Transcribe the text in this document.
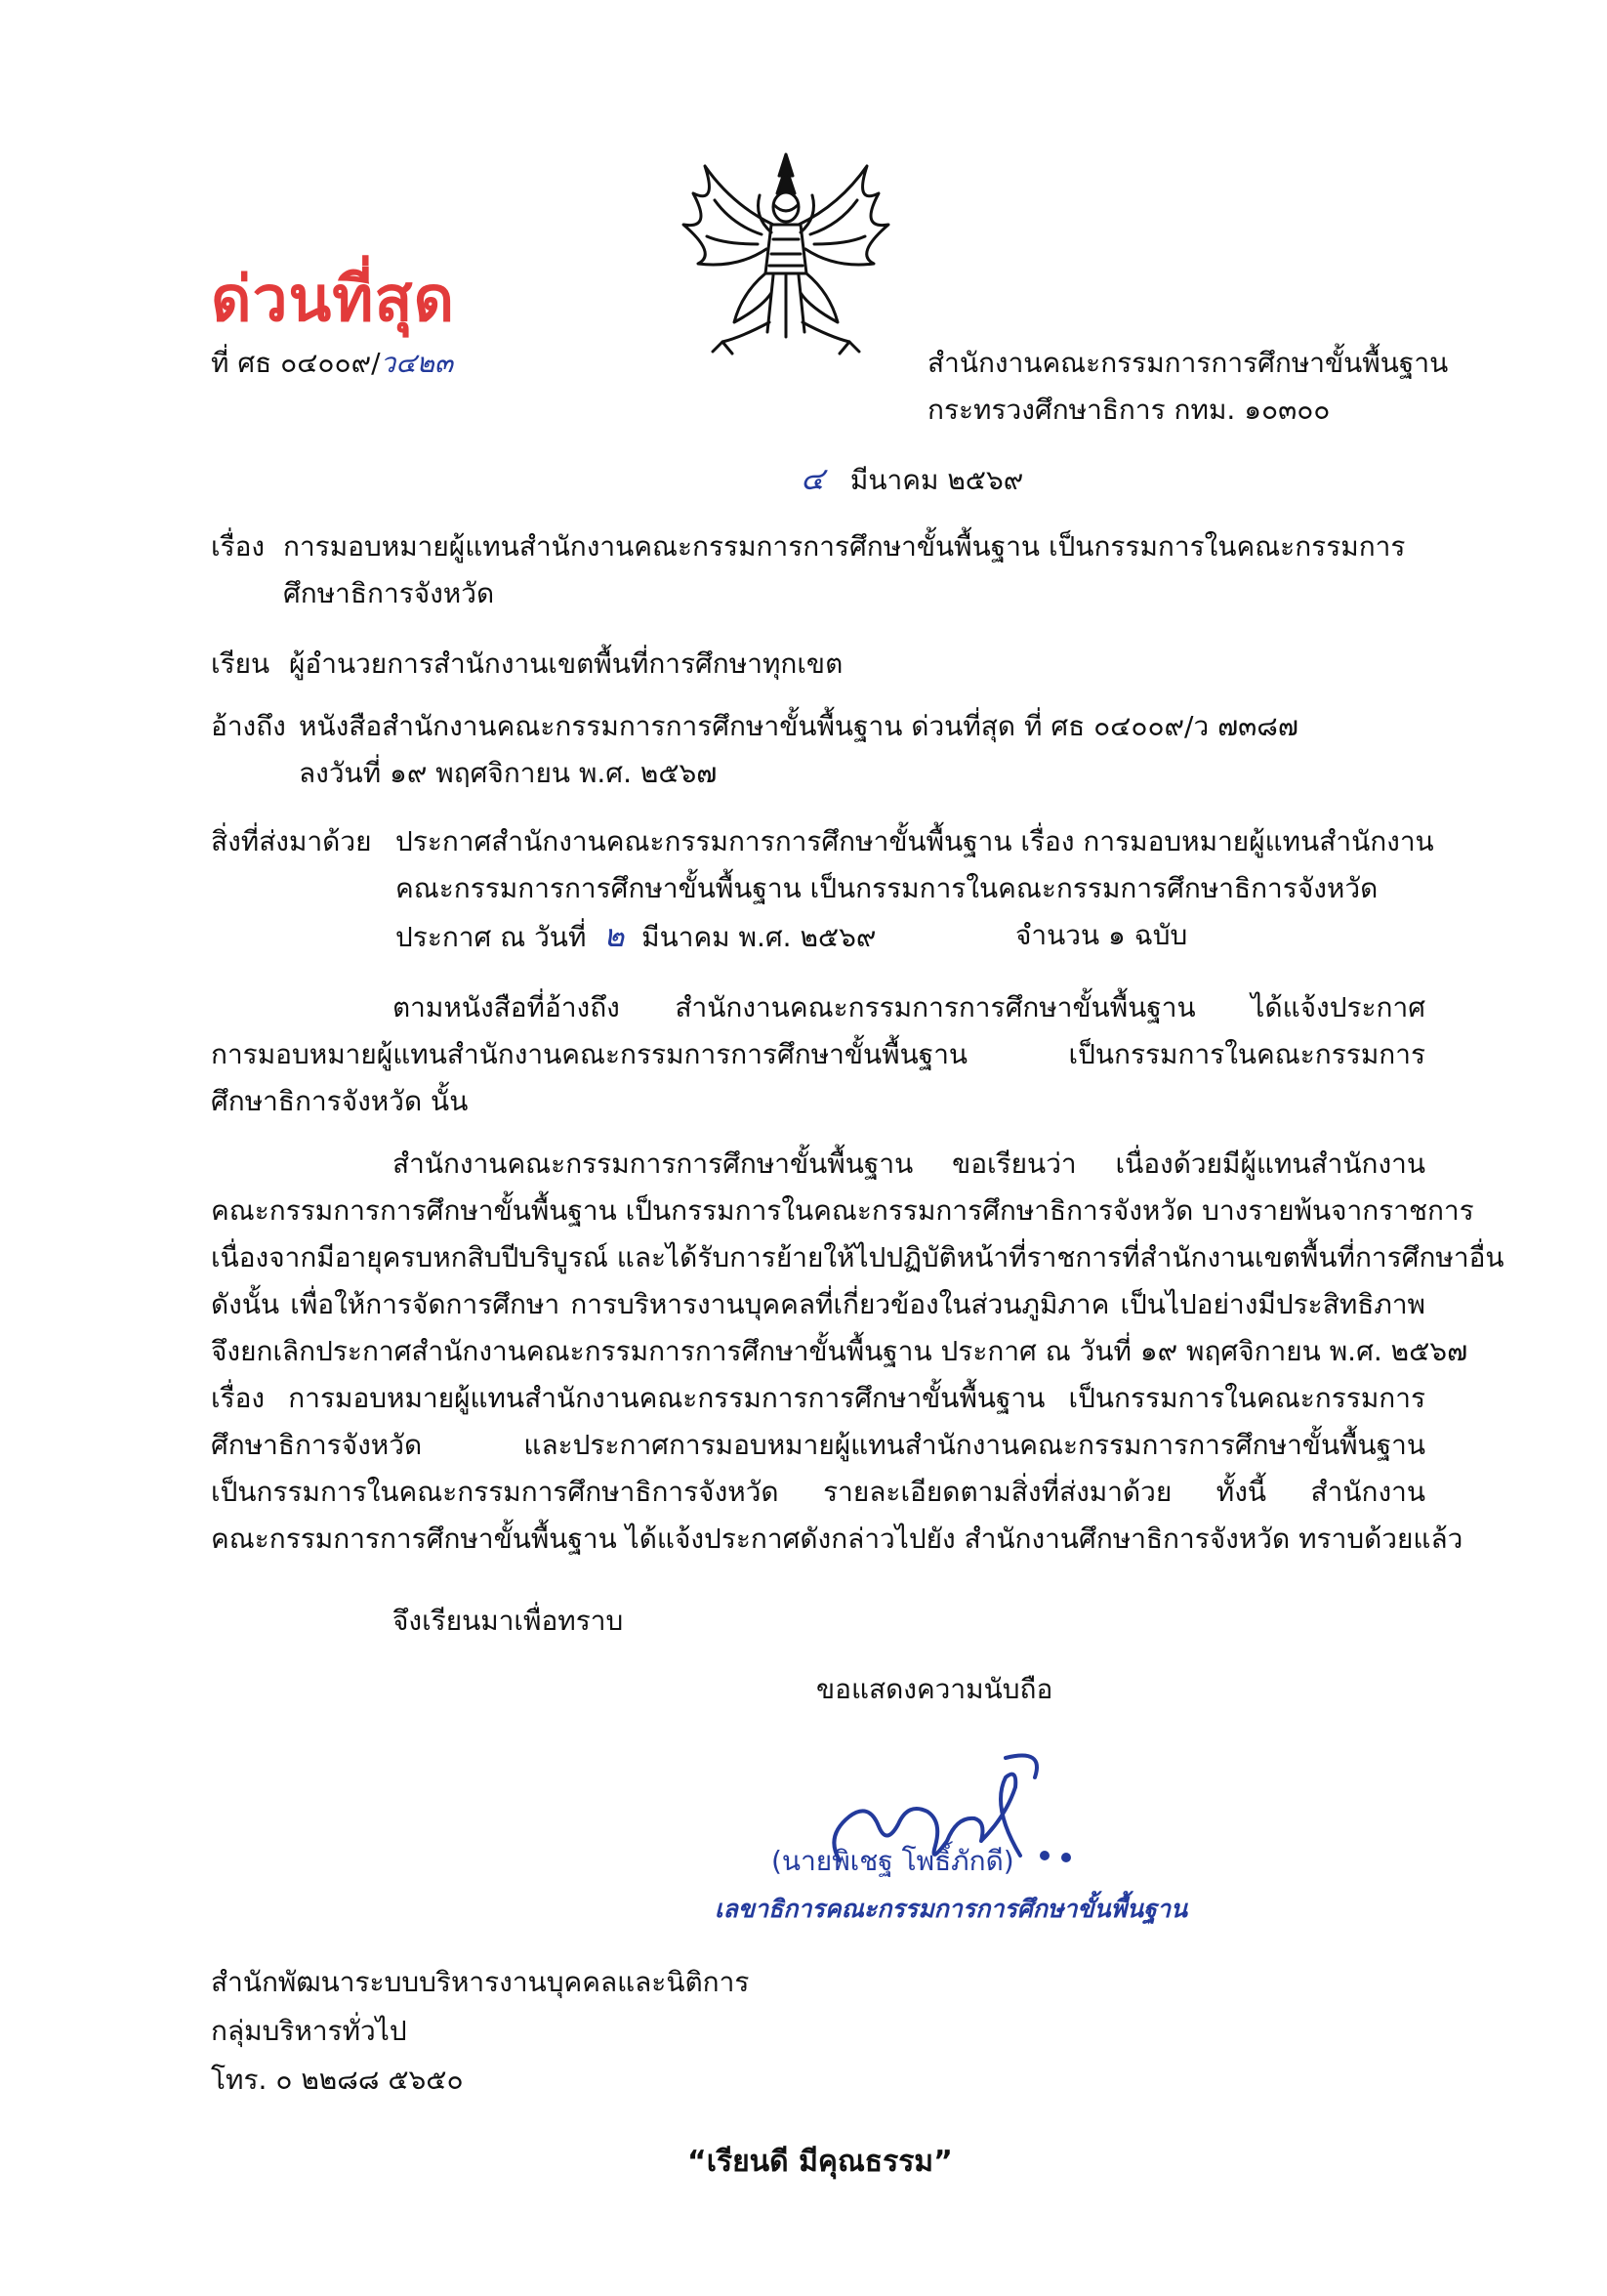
ด่วนที่สุด
ที่ ศธ ๐๔๐๐๙/ว๔๒๓	สำนักงานคณะกรรมการการศึกษาขั้นพื้นฐาน
กระทรวงศึกษาธิการ กทม. ๑๐๓๐๐
๔ มีนาคม ๒๕๖๙
เรื่อง การมอบหมายผู้แทนสำนักงานคณะกรรมการการศึกษาขั้นพื้นฐาน เป็นกรรมการในคณะกรรมการ
ศึกษาธิการจังหวัด
เรียน ผู้อำนวยการสำนักงานเขตพื้นที่การศึกษาทุกเขต
อ้างถึง หนังสือสำนักงานคณะกรรมการการศึกษาขั้นพื้นฐาน ด่วนที่สุด ที่ ศธ ๐๔๐๐๙/ว ๗๓๘๗
ลงวันที่ ๑๙ พฤศจิกายน พ.ศ. ๒๕๖๗
สิ่งที่ส่งมาด้วย ประกาศสำนักงานคณะกรรมการการศึกษาขั้นพื้นฐาน เรื่อง การมอบหมายผู้แทนสำนักงาน
คณะกรรมการการศึกษาขั้นพื้นฐาน เป็นกรรมการในคณะกรรมการศึกษาธิการจังหวัด
ประกาศ ณ วันที่ ๒ มีนาคม พ.ศ. ๒๕๖๙	จำนวน ๑ ฉบับ
ตามหนังสือที่อ้างถึง สำนักงานคณะกรรมการการศึกษาขั้นพื้นฐาน ได้แจ้งประกาศ
การมอบหมายผู้แทนสำนักงานคณะกรรมการการศึกษาขั้นพื้นฐาน เป็นกรรมการในคณะกรรมการ
ศึกษาธิการจังหวัด นั้น
สำนักงานคณะกรรมการการศึกษาขั้นพื้นฐาน ขอเรียนว่า เนื่องด้วยมีผู้แทนสำนักงาน
คณะกรรมการการศึกษาขั้นพื้นฐาน เป็นกรรมการในคณะกรรมการศึกษาธิการจังหวัด บางรายพ้นจากราชการ
เนื่องจากมีอายุครบหกสิบปีบริบูรณ์ และได้รับการย้ายให้ไปปฏิบัติหน้าที่ราชการที่สำนักงานเขตพื้นที่การศึกษาอื่น
ดังนั้น เพื่อให้การจัดการศึกษา การบริหารงานบุคคลที่เกี่ยวข้องในส่วนภูมิภาค เป็นไปอย่างมีประสิทธิภาพ
จึงยกเลิกประกาศสำนักงานคณะกรรมการการศึกษาขั้นพื้นฐาน ประกาศ ณ วันที่ ๑๙ พฤศจิกายน พ.ศ. ๒๕๖๗
เรื่อง การมอบหมายผู้แทนสำนักงานคณะกรรมการการศึกษาขั้นพื้นฐาน เป็นกรรมการในคณะกรรมการ
ศึกษาธิการจังหวัด และประกาศการมอบหมายผู้แทนสำนักงานคณะกรรมการการศึกษาขั้นพื้นฐาน
เป็นกรรมการในคณะกรรมการศึกษาธิการจังหวัด รายละเอียดตามสิ่งที่ส่งมาด้วย ทั้งนี้ สำนักงาน
คณะกรรมการการศึกษาขั้นพื้นฐาน ได้แจ้งประกาศดังกล่าวไปยัง สำนักงานศึกษาธิการจังหวัด ทราบด้วยแล้ว
จึงเรียนมาเพื่อทราบ
ขอแสดงความนับถือ
(นายพิเชฐ โพธิ์ภักดี)
เลขาธิการคณะกรรมการการศึกษาขั้นพื้นฐาน
สำนักพัฒนาระบบบริหารงานบุคคลและนิติการ
กลุ่มบริหารทั่วไป
โทร. ๐ ๒๒๘๘ ๕๖๕๐
“เรียนดี มีคุณธรรม”
